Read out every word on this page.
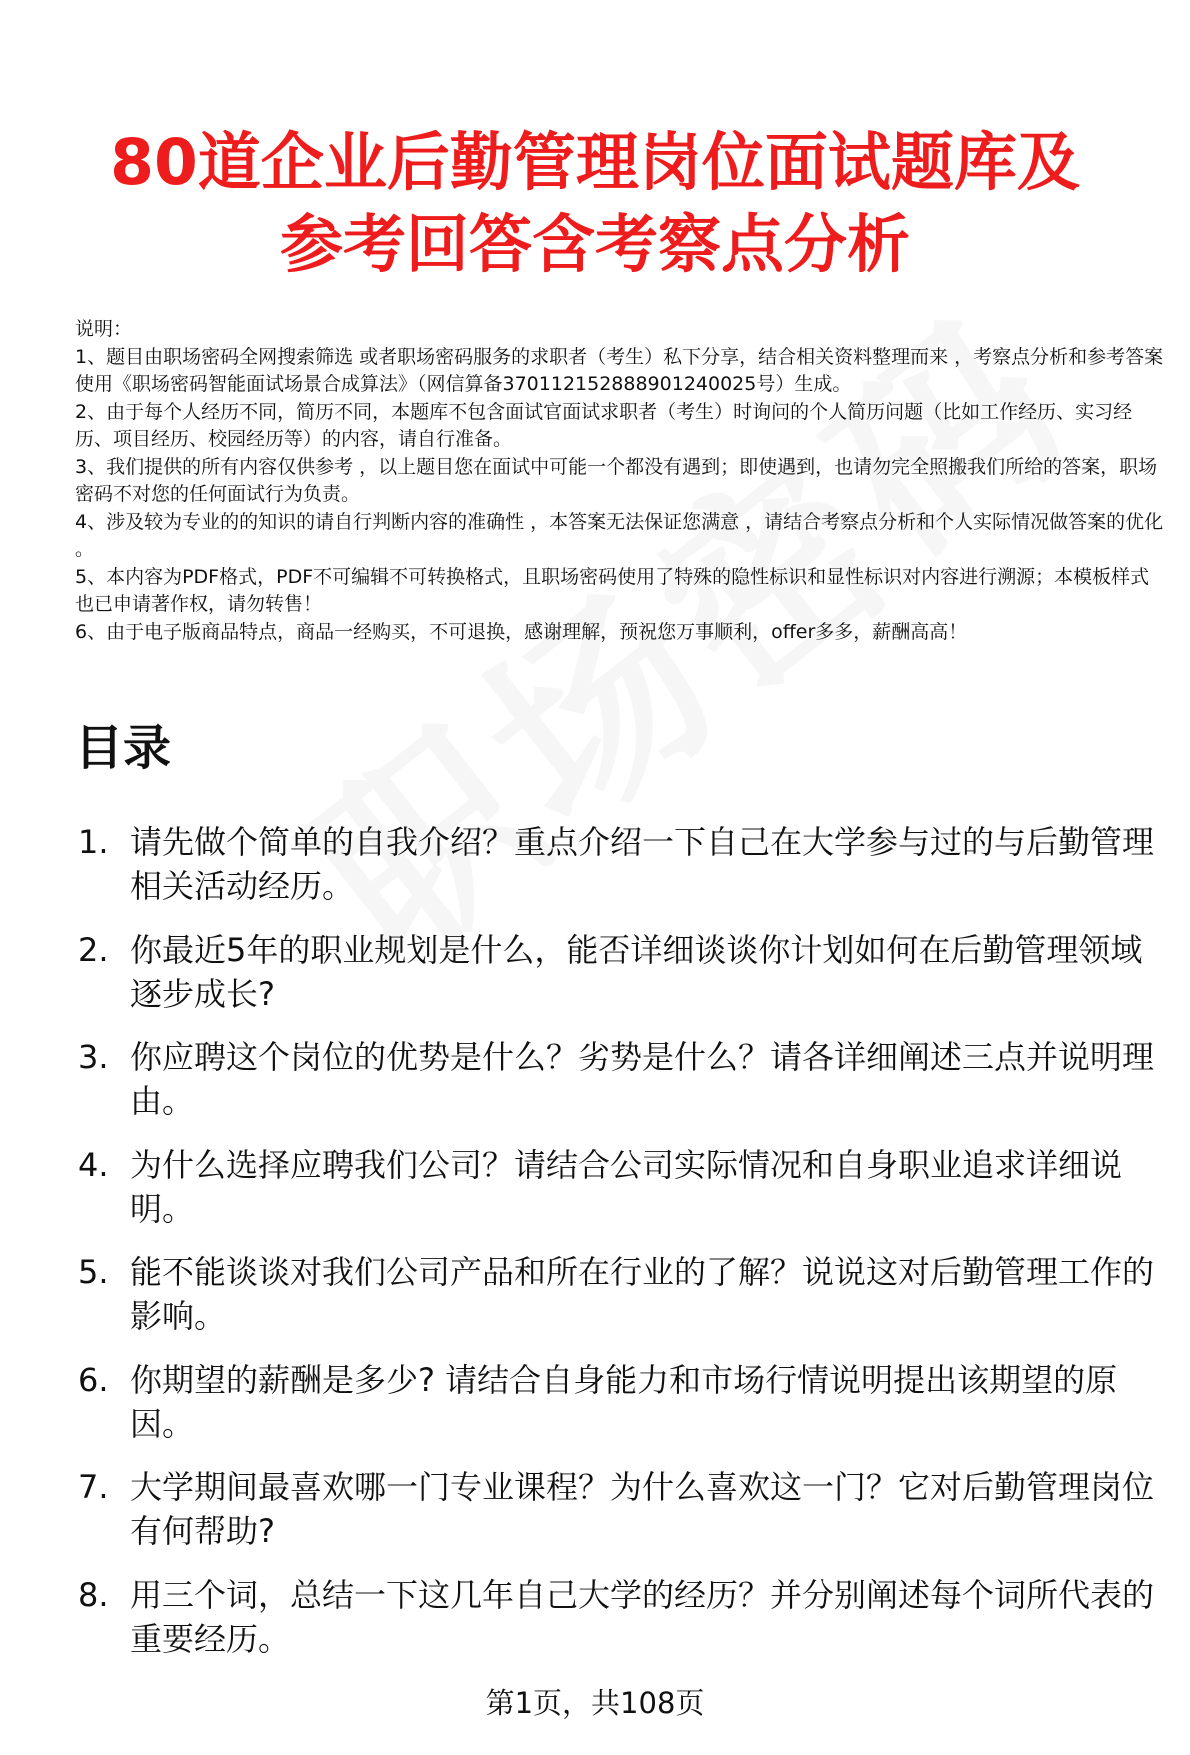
80道企业后勤管理岗位面试题库及
参考回答含考察点分析
说明：
1、题目由职场密码全网搜索筛选 或者职场密码服务的求职者（考生）私下分享，结合相关资料整理而来 ，考察点分析和参考答案使用《职场密码智能面试场景合成算法》（网信算备370112152888901240025号）生成。
2、由于每个人经历不同，简历不同，本题库不包含面试官面试求职者（考生）时询问的个人简历问题（比如工作经历、实习经历、项目经历、校园经历等）的内容，请自行准备。
3、我们提供的所有内容仅供参考 ，以上题目您在面试中可能一个都没有遇到；即使遇到，也请勿完全照搬我们所给的答案，职场密码不对您的任何面试行为负责。
4、涉及较为专业的的知识的请自行判断内容的准确性 ，本答案无法保证您满意 ，请结合考察点分析和个人实际情况做答案的优化 。
5、本内容为PDF格式，PDF不可编辑不可转换格式，且职场密码使用了特殊的隐性标识和显性标识对内容进行溯源；本模板样式也已申请著作权，请勿转售！
6、由于电子版商品特点，商品一经购买，不可退换，感谢理解，预祝您万事顺利，offer多多，薪酬高高！
目录
1. 请先做个简单的自我介绍？重点介绍一下自己在大学参与过的与后勤管理相关活动经历。
2. 你最近5年的职业规划是什么，能否详细谈谈你计划如何在后勤管理领域逐步成长?
3. 你应聘这个岗位的优势是什么？劣势是什么？请各详细阐述三点并说明理由。
4. 为什么选择应聘我们公司？请结合公司实际情况和自身职业追求详细说明。
5. 能不能谈谈对我们公司产品和所在行业的了解？说说这对后勤管理工作的影响。
6. 你期望的薪酬是多少? 请结合自身能力和市场行情说明提出该期望的原因。
7. 大学期间最喜欢哪一门专业课程？为什么喜欢这一门？它对后勤管理岗位有何帮助?
8. 用三个词，总结一下这几年自己大学的经历？并分别阐述每个词所代表的重要经历。
第1页，共108页
